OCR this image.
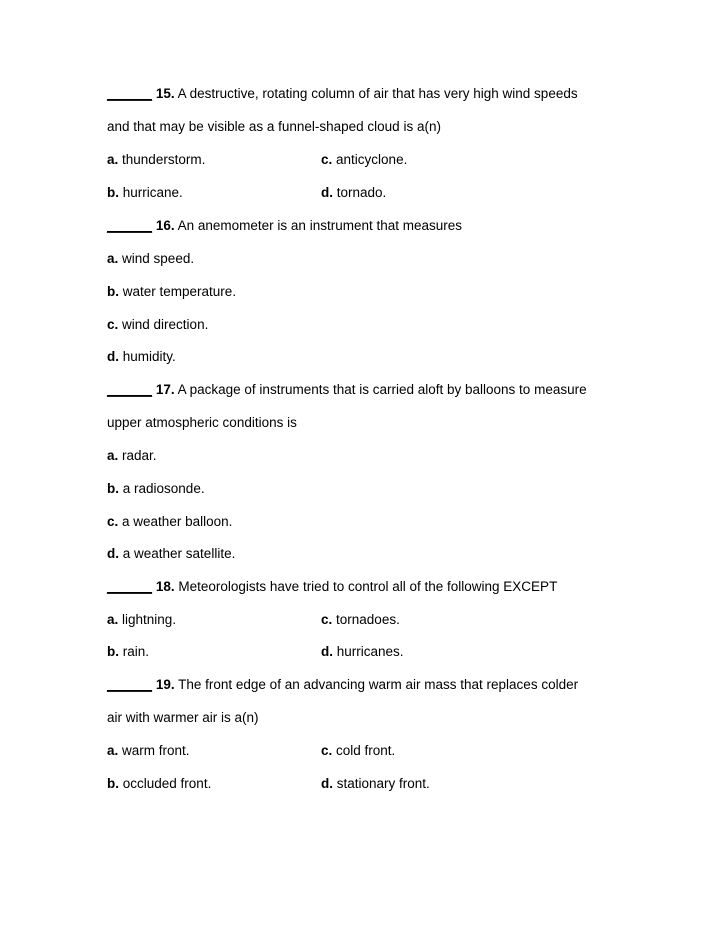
______ 15. A destructive, rotating column of air that has very high wind speeds
and that may be visible as a funnel-shaped cloud is a(n)
a. thunderstorm.	c. anticyclone.
b. hurricane.	d. tornado.
______ 16. An anemometer is an instrument that measures
a. wind speed.
b. water temperature.
c. wind direction.
d. humidity.
______ 17. A package of instruments that is carried aloft by balloons to measure
upper atmospheric conditions is
a. radar.
b. a radiosonde.
c. a weather balloon.
d. a weather satellite.
______ 18. Meteorologists have tried to control all of the following EXCEPT
a. lightning.	c. tornadoes.
b. rain.	d. hurricanes.
______ 19. The front edge of an advancing warm air mass that replaces colder
air with warmer air is a(n)
a. warm front.	c. cold front.
b. occluded front.	d. stationary front.
